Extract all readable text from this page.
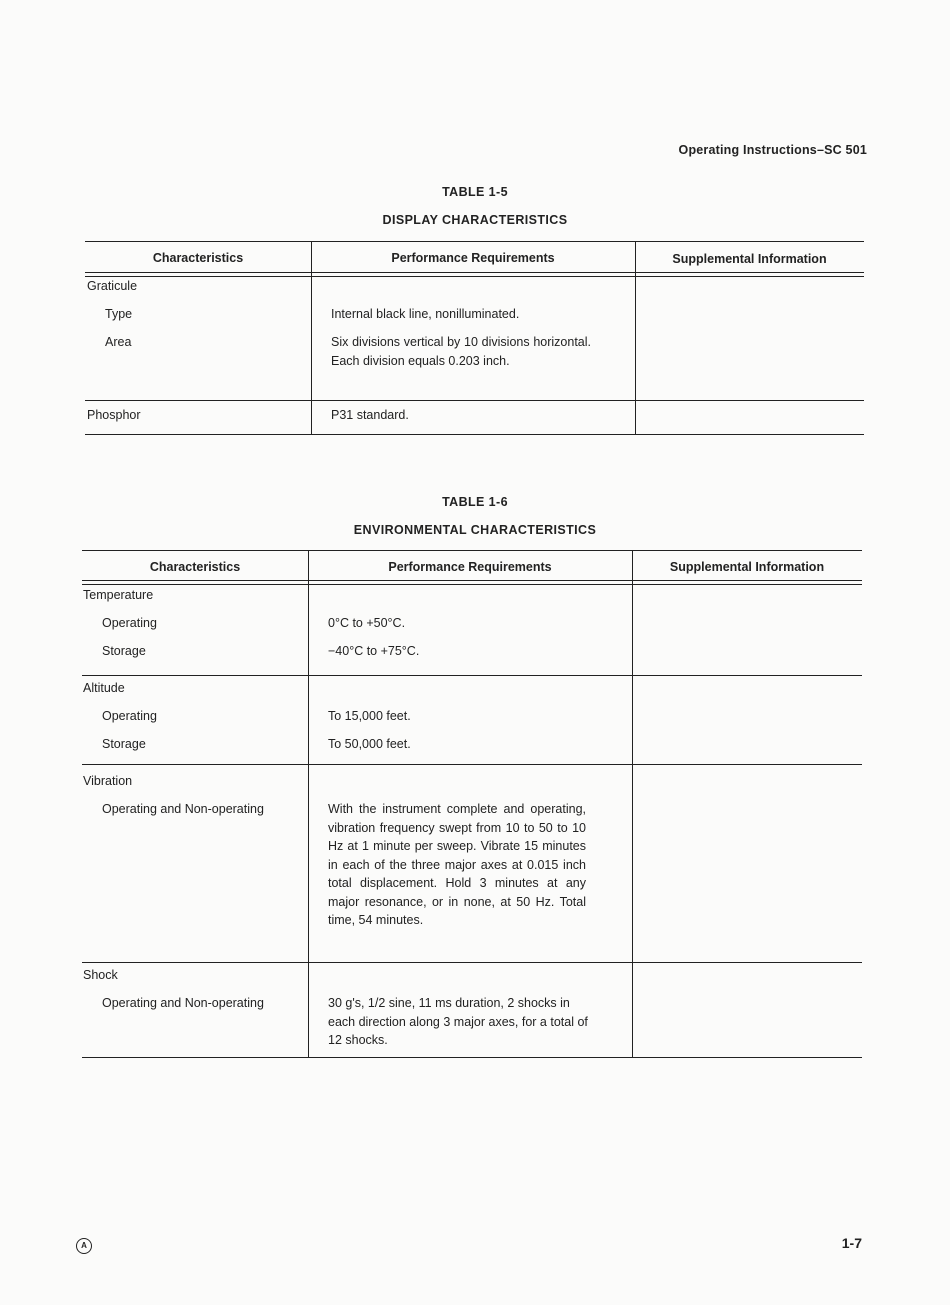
Operating Instructions–SC 501
TABLE 1-5
DISPLAY CHARACTERISTICS
Characteristics	Performance Requirements	Supplemental Information
Graticule
Type	Internal black line, nonilluminated.
Area	Six divisions vertical by 10 divisions horizontal. Each division equals 0.203 inch.
Phosphor	P31 standard.
TABLE 1-6
ENVIRONMENTAL CHARACTERISTICS
Characteristics	Performance Requirements	Supplemental Information
Temperature
Operating	0°C to +50°C.
Storage	−40°C to +75°C.
Altitude
Operating	To 15,000 feet.
Storage	To 50,000 feet.
Vibration
Operating and Non-operating	With the instrument complete and operating, vibration frequency swept from 10 to 50 to 10 Hz at 1 minute per sweep. Vibrate 15 minutes in each of the three major axes at 0.015 inch total displacement. Hold 3 minutes at any major resonance, or in none, at 50 Hz. Total time, 54 minutes.
Shock
Operating and Non-operating	30 g's, 1/2 sine, 11 ms duration, 2 shocks in each direction along 3 major axes, for a total of 12 shocks.
A	1-7
